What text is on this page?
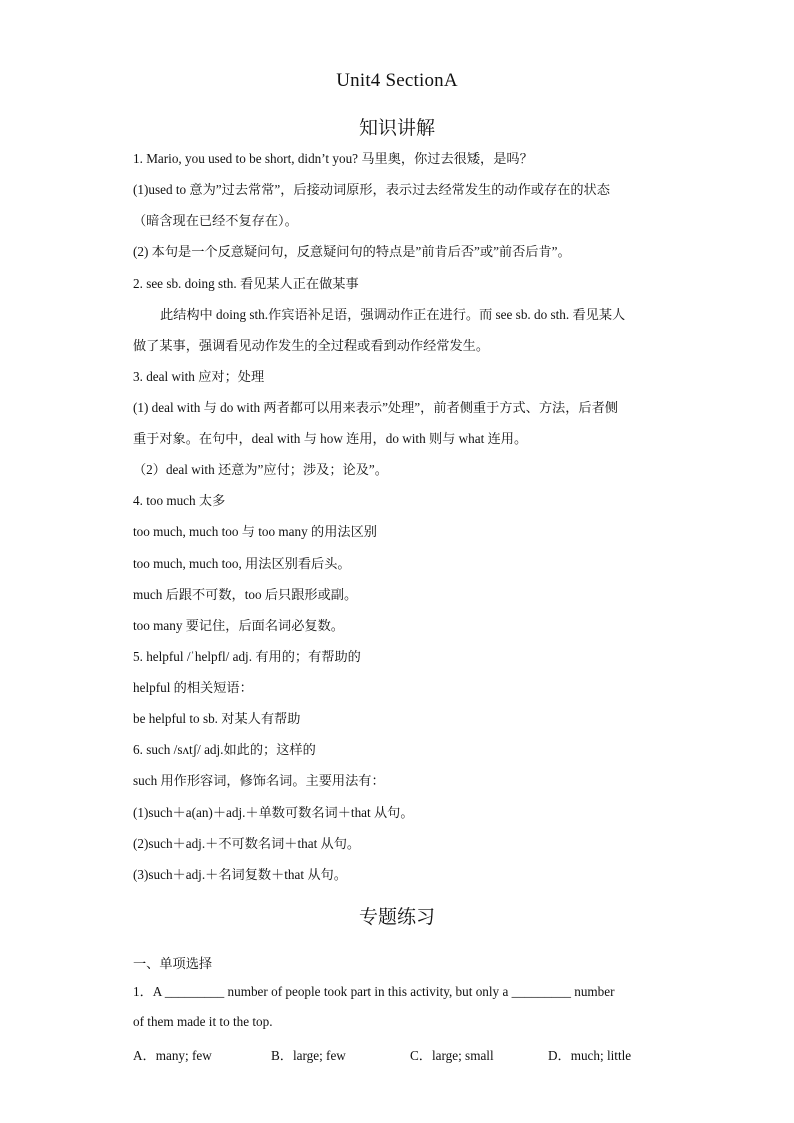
Unit4 SectionA
知识讲解
1. Mario, you used to be short, didn’t you? 马里奥，你过去很矮，是吗？
(1)used to 意为”过去常常”，后接动词原形，表示过去经常发生的动作或存在的状态
（暗含现在已经不复存在）。
(2) 本句是一个反意疑问句，反意疑问句的特点是”前肯后否”或”前否后肯”。
2. see sb. doing sth. 看见某人正在做某事
此结构中 doing sth.作宾语补足语，强调动作正在进行。而 see sb. do sth. 看见某人
做了某事，强调看见动作发生的全过程或看到动作经常发生。
3. deal with 应对；处理
(1) deal with 与 do with 两者都可以用来表示”处理”，前者侧重于方式、方法，后者侧
重于对象。在句中，deal with 与 how 连用，do with 则与 what 连用。
（2）deal with 还意为”应付；涉及；论及”。
4. too much 太多
too much, much too 与 too many 的用法区别
too much, much too, 用法区别看后头。
much 后跟不可数，too 后只跟形或副。
too many 要记住，后面名词必复数。
5. helpful /ˈhelpfl/ adj. 有用的；有帮助的
helpful 的相关短语：
be helpful to sb. 对某人有帮助
6. such /sʌtʃ/ adj.如此的；这样的
such 用作形容词，修饰名词。主要用法有：
(1)such＋a(an)＋adj.＋单数可数名词＋that 从句。
(2)such＋adj.＋不可数名词＋that 从句。
(3)such＋adj.＋名词复数＋that 从句。
专题练习
一、单项选择
1．A _________ number of people took part in this activity, but only a _________ number
of them made it to the top.
A．many; few	B．large; few	C．large; small	D．much; little
